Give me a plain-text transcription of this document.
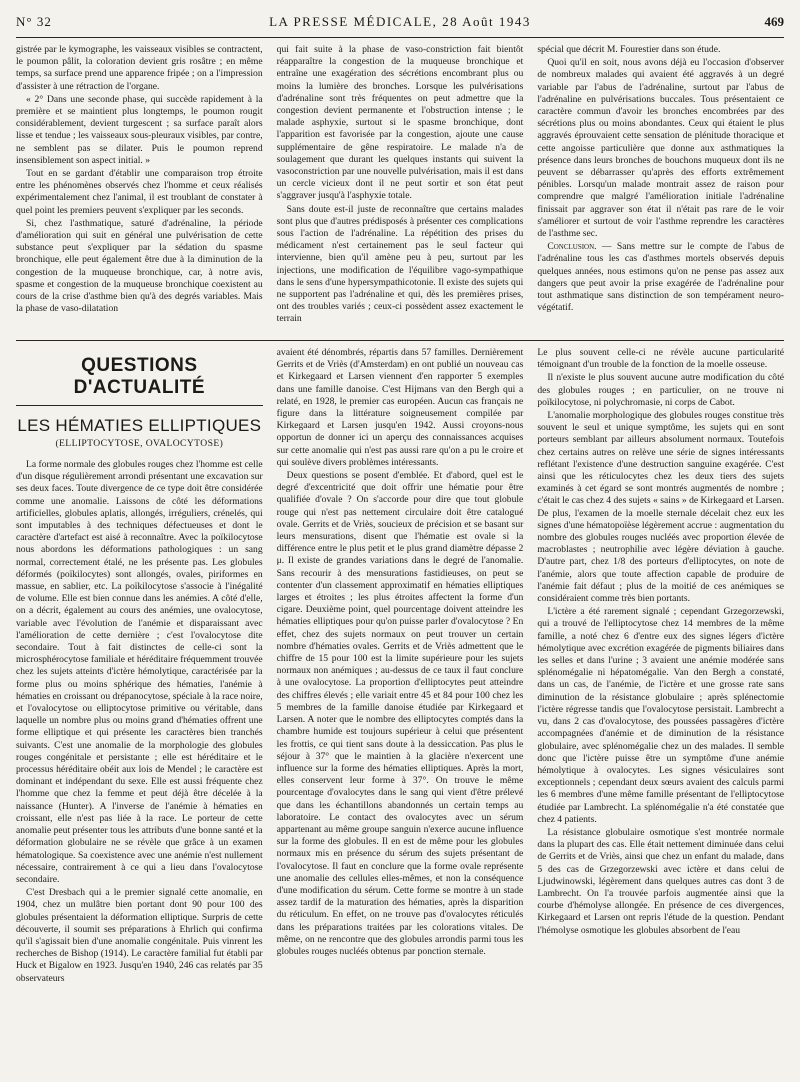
N° 32	LA PRESSE MÉDICALE, 28 Août 1943	469

gistrée par le kymographe, les vaisseaux visibles se contractent, le poumon pâlit, la coloration devient gris rosâtre ; en même temps, sa surface prend une apparence fripée ; on a l'impression d'assister à une rétraction de l'organe.

« 2° Dans une seconde phase, qui succède rapidement à la première et se maintient plus longtemps, le poumon rougit considérablement, devient turgescent ; sa surface paraît alors lisse et tendue ; les vaisseaux sous-pleuraux visibles, par contre, ne semblent pas se dilater. Puis le poumon reprend insensiblement son aspect initial. »

Tout en se gardant d'établir une comparaison trop étroite entre les phénomènes observés chez l'homme et ceux réalisés expérimentalement chez l'animal, il est troublant de constater à quel point les premiers peuvent s'expliquer par les seconds.

Si, chez l'asthmatique, saturé d'adrénaline, la période d'amélioration qui suit en général une pulvérisation de cette substance peut s'expliquer par la sédation du spasme bronchique, elle peut également être due à la diminution de la congestion de la muqueuse bronchique, car, à notre avis, spasme et congestion de la muqueuse bronchique coexistent au cours de la crise d'asthme bien qu'à des degrés variables. Mais la phase de vaso-dilatation

qui fait suite à la phase de vaso-constriction fait bientôt réapparaître la congestion de la muqueuse bronchique et entraîne une exagération des sécrétions encombrant plus ou moins la lumière des bronches. Lorsque les pulvérisations d'adrénaline sont très fréquentes on peut admettre que la congestion devient permanente et l'obstruction intense ; le malade asphyxie, surtout si le spasme bronchique, dont l'apparition est favorisée par la congestion, ajoute une cause supplémentaire de gêne respiratoire. Le malade n'a de soulagement que durant les quelques instants qui suivent la vasoconstriction par une nouvelle pulvérisation, mais il est dans un cercle vicieux dont il ne peut sortir et son état peut s'aggraver jusqu'à l'asphyxie totale.

Sans doute est-il juste de reconnaître que certains malades sont plus que d'autres prédisposés à présenter ces complications sous l'action de l'adrénaline. La répétition des prises du médicament n'est certainement pas le seul facteur qui intervienne, bien qu'il amène peu à peu, surtout par les injections, une modification de l'équilibre vago-sympathique dans le sens d'une hypersympathicotonie. Il existe des sujets qui ne supportent pas l'adrénaline et qui, dès les premières prises, ont des troubles variés ; ceux-ci possèdent assez exactement le terrain

spécial que décrit M. Fourestier dans son étude.

Quoi qu'il en soit, nous avons déjà eu l'occasion d'observer de nombreux malades qui avaient été aggravés à un degré variable par l'abus de l'adrénaline, surtout par l'abus de l'adrénaline en pulvérisations buccales. Tous présentaient ce caractère commun d'avoir les bronches encombrées par des sécrétions plus ou moins abondantes. Ceux qui étaient le plus aggravés éprouvaient cette sensation de plénitude thoracique et cette angoisse particulière que donne aux asthmatiques la présence dans leurs bronches de bouchons muqueux dont ils ne peuvent se débarrasser qu'après des efforts extrêmement pénibles. Lorsqu'un malade montrait assez de raison pour comprendre que malgré l'amélioration initiale l'adrénaline finissait par aggraver son état il n'était pas rare de le voir s'améliorer et surtout de voir l'asthme reprendre les caractères de l'asthme sec.

Conclusion. — Sans mettre sur le compte de l'abus de l'adrénaline tous les cas d'asthmes mortels observés depuis quelques années, nous estimons qu'on ne pense pas assez aux dangers que peut avoir la prise exagérée de l'adrénaline pour tout asthmatique sans distinction de son tempérament neuro-végétatif.

QUESTIONS D'ACTUALITÉ
LES HÉMATIES ELLIPTIQUES
(ELLIPTOCYTOSE, OVALOCYTOSE)

La forme normale des globules rouges chez l'homme est celle d'un disque régulièrement arrondi présentant une excavation sur ses deux faces. Toute divergence de ce type doit être considérée comme une anomalie. Laissons de côté les déformations artificielles, globules aplatis, allongés, irréguliers, crénelés, qui sont imputables à des techniques défectueuses et dont le caractère d'artefact est aisé à reconnaître. Avec la poïkilocytose nous abordons les déformations pathologiques : un sang normal, correctement étalé, ne les présente pas. Les globules déformés (poïkilocytes) sont allongés, ovales, piriformes en massue, en sablier, etc. La poïkilocytose s'associe à l'inégalité de volume. Elle est bien connue dans les anémies. A côté d'elle, on a décrit, également au cours des anémies, une ovalocytose, variable avec l'évolution de l'anémie et disparaissant avec l'amélioration de cette dernière ; c'est l'ovalocytose dite secondaire. Tout à fait distinctes de celle-ci sont la microsphérocytose familiale et héréditaire fréquemment trouvée chez les sujets atteints d'ictère hémolytique, caractérisée par la forme plus ou moins sphérique des hématies, l'anémie à hématies en croissant ou drépanocytose, spéciale à la race noire, et l'ovalocytose ou elliptocytose primitive ou véritable, dans laquelle un nombre plus ou moins grand d'hématies offrent une forme elliptique et qui présente les caractères bien tranchés suivants. C'est une anomalie de la morphologie des globules rouges congénitale et persistante ; elle est héréditaire et le processus héréditaire obéit aux lois de Mendel ; le caractère est dominant et indépendant du sexe. Elle est aussi fréquente chez l'homme que chez la femme et peut déjà être décelée à la naissance (Hunter). A l'inverse de l'anémie à hématies en croissant, elle n'est pas liée à la race. Le porteur de cette anomalie peut présenter tous les attributs d'une bonne santé et la déformation globulaire ne se révèle que grâce à un examen hématologique. Sa coexistence avec une anémie n'est nullement nécessaire, contrairement à ce qui a lieu dans l'ovalocytose secondaire.

C'est Dresbach qui a le premier signalé cette anomalie, en 1904, chez un mulâtre bien portant dont 90 pour 100 des globules présentaient la déformation elliptique. Surpris de cette découverte, il soumit ses préparations à Ehrlich qui confirma qu'il s'agissait bien d'une anomalie congénitale. Puis vinrent les recherches de Bishop (1914). Le caractère familial fut établi par Huck et Bigalow en 1923. Jusqu'en 1940, 246 cas relatés par 35 observateurs

avaient été dénombrés, répartis dans 57 familles. Dernièrement Gerrits et de Vriès (d'Amsterdam) en ont publié un nouveau cas et Kirkegaard et Larsen viennent d'en rapporter 5 exemples dans une famille danoise. C'est Hijmans van den Bergh qui a relaté, en 1928, le premier cas européen. Aucun cas français ne figure dans la littérature soigneusement compilée par Kirkegaard et Larsen jusqu'en 1942. Aussi croyons-nous opportun de donner ici un aperçu des connaissances acquises sur cette anomalie qui n'est pas aussi rare qu'on a pu le croire et qui soulève divers problèmes intéressants.

Deux questions se posent d'emblée. Et d'abord, quel est le degré d'excentricité que doit offrir une hématie pour être qualifiée d'ovale ? On s'accorde pour dire que tout globule rouge qui n'est pas nettement circulaire doit être catalogué ovale. Gerrits et de Vriès, soucieux de précision et se basant sur leurs mensurations, disent que l'hématie est ovale si la différence entre le plus petit et le plus grand diamètre dépasse 2 μ. Il existe de grandes variations dans le degré de l'anomalie. Sans recourir à des mensurations fastidieuses, on peut se contenter d'un classement approximatif en hématies elliptiques larges et étroites ; les plus étroites affectent la forme d'un cigare. Deuxième point, quel pourcentage doivent atteindre les hématies elliptiques pour qu'on puisse parler d'ovalocytose ? En effet, chez des sujets normaux on peut trouver un certain nombre d'hématies ovales. Gerrits et de Vriès admettent que le chiffre de 15 pour 100 est la limite supérieure pour les sujets normaux non anémiques ; au-dessus de ce taux il faut conclure à une ovalocytose. La proportion d'elliptocytes peut atteindre des chiffres élevés ; elle variait entre 45 et 84 pour 100 chez les 5 membres de la famille danoise étudiée par Kirkegaard et Larsen. A noter que le nombre des elliptocytes comptés dans la chambre humide est toujours supérieur à celui que présentent les frottis, ce qui tient sans doute à la dessiccation. Pas plus le séjour à 37° que le maintien à la glacière n'exercent une influence sur la forme des hématies elliptiques. Après la mort, elles conservent leur forme à 37°. On trouve le même pourcentage d'ovalocytes dans le sang qui vient d'être prélevé que dans les échantillons abandonnés un certain temps au laboratoire. Le contact des ovalocytes avec un sérum appartenant au même groupe sanguin n'exerce aucune influence sur la forme des globules. Il en est de même pour les globules normaux mis en présence du sérum des sujets présentant de l'ovalocytose. Il faut en conclure que la forme ovale représente une anomalie des cellules elles-mêmes, et non la conséquence d'une modification du sérum. Cette forme se montre à un stade assez tardif de la maturation des hématies, après la disparition du réticulum. En effet, on ne trouve pas d'ovalocytes réticulés dans les préparations traitées par les colorations vitales. De même, on ne rencontre que des globules arrondis parmi tous les globules rouges nucléés obtenus par ponction sternale.

Le plus souvent celle-ci ne révèle aucune particularité témoignant d'un trouble de la fonction de la moelle osseuse.

Il n'existe le plus souvent aucune autre modification du côté des globules rouges ; en particulier, on ne trouve ni poïkilocytose, ni polychromasie, ni corps de Cabot.

L'anomalie morphologique des globules rouges constitue très souvent le seul et unique symptôme, les sujets qui en sont porteurs semblant par ailleurs absolument normaux. Toutefois chez certains autres on relève une série de signes intéressants reflétant l'existence d'une destruction sanguine exagérée. C'est ainsi que les réticulocytes chez les deux tiers des sujets examinés à cet égard se sont montrés augmentés de nombre ; c'était le cas chez 4 des sujets « sains » de Kirkegaard et Larsen. De plus, l'examen de la moelle sternale décelait chez eux les signes d'une hématopoïèse légèrement accrue : augmentation du nombre des globules rouges nucléés avec proportion élevée de macroblastes ; neutrophilie avec légère déviation à gauche. D'autre part, chez 1/8 des porteurs d'elliptocytes, on note de l'anémie, alors que toute affection capable de produire de l'anémie fait défaut ; plus de la moitié de ces anémiques se considéraient comme très bien portants.

L'ictère a été rarement signalé ; cependant Grzegorzewski, qui a trouvé de l'elliptocytose chez 14 membres de la même famille, a noté chez 6 d'entre eux des signes légers d'ictère hémolytique avec excrétion exagérée de pigments biliaires dans les selles et dans l'urine ; 3 avaient une anémie modérée sans splénomégalie ni hépatomégalie. Van den Bergh a constaté, dans un cas, de l'anémie, de l'ictère et une grosse rate sans diminution de la résistance globulaire ; après splénectomie l'ictère régresse tandis que l'ovalocytose persistait. Lambrecht a vu, dans 2 cas d'ovalocytose, des poussées passagères d'ictère accompagnées d'anémie et de diminution de la résistance globulaire, avec splénomégalie chez un des malades. Il semble donc que l'ictère puisse être un symptôme d'une anémie hémolytique à ovalocytes. Les signes vésiculaires sont exceptionnels ; cependant deux sœurs avaient des calculs parmi les 6 membres d'une même famille présentant de l'elliptocytose étudiée par Lambrecht. La splénomégalie n'a été constatée que chez 4 patients.

La résistance globulaire osmotique s'est montrée normale dans la plupart des cas. Elle était nettement diminuée dans celui de Gerrits et de Vriès, ainsi que chez un enfant du malade, dans 5 des cas de Grzegorzewski avec ictère et dans celui de Ljudwinowski, légèrement dans quelques autres cas dont 3 de Lambrecht. On l'a trouvée parfois augmentée ainsi que la courbe d'hémolyse allongée. En présence de ces divergences, Kirkegaard et Larsen ont repris l'étude de la question. Pendant l'hémolyse osmotique les globules absorbent de l'eau
